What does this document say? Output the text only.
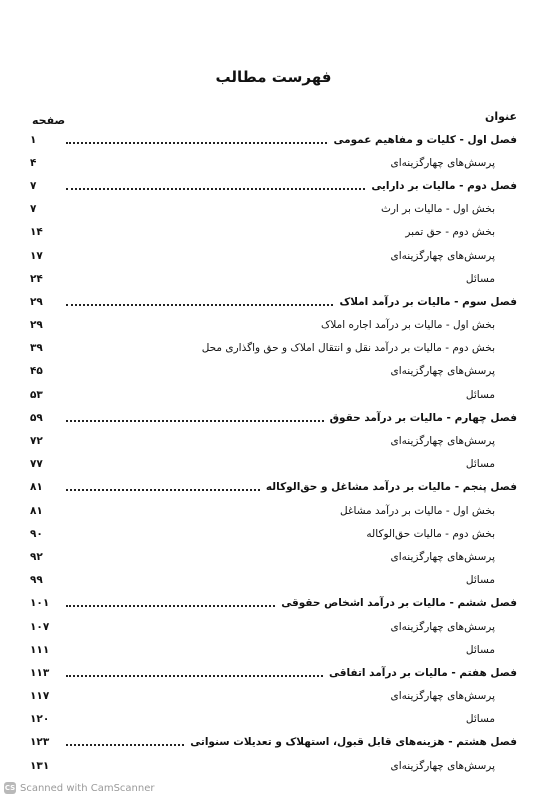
فهرست مطالب
عنوان
صفحه
فصل اول - کلیات و مفاهیم عمومی
۱
پرسش‌های چهارگزینه‌ای
۴
فصل دوم - مالیات بر دارایی
۷
بخش اول - مالیات بر ارث
۷
بخش دوم - حق تمبر
۱۴
پرسش‌های چهارگزینه‌ای
۱۷
مسائل
۲۴
فصل سوم - مالیات بر درآمد املاک
۲۹
بخش اول - مالیات بر درآمد اجاره املاک
۲۹
بخش دوم - مالیات بر درآمد نقل و انتقال املاک و حق واگذاری محل
۳۹
پرسش‌های چهارگزینه‌ای
۴۵
مسائل
۵۳
فصل چهارم - مالیات بر درآمد حقوق
۵۹
پرسش‌های چهارگزینه‌ای
۷۲
مسائل
۷۷
فصل پنجم - مالیات بر درآمد مشاغل و حق‌الوکاله
۸۱
بخش اول - مالیات بر درآمد مشاغل
۸۱
بخش دوم - مالیات حق‌الوکاله
۹۰
پرسش‌های چهارگزینه‌ای
۹۲
مسائل
۹۹
فصل ششم - مالیات بر درآمد اشخاص حقوقی
۱۰۱
پرسش‌های چهارگزینه‌ای
۱۰۷
مسائل
۱۱۱
فصل هفتم - مالیات بر درآمد اتفاقی
۱۱۳
پرسش‌های چهارگزینه‌ای
۱۱۷
مسائل
۱۲۰
فصل هشتم - هزینه‌های قابل قبول، استهلاک و تعدیلات سنواتی
۱۲۳
پرسش‌های چهارگزینه‌ای
۱۳۱
CS Scanned with CamScanner
